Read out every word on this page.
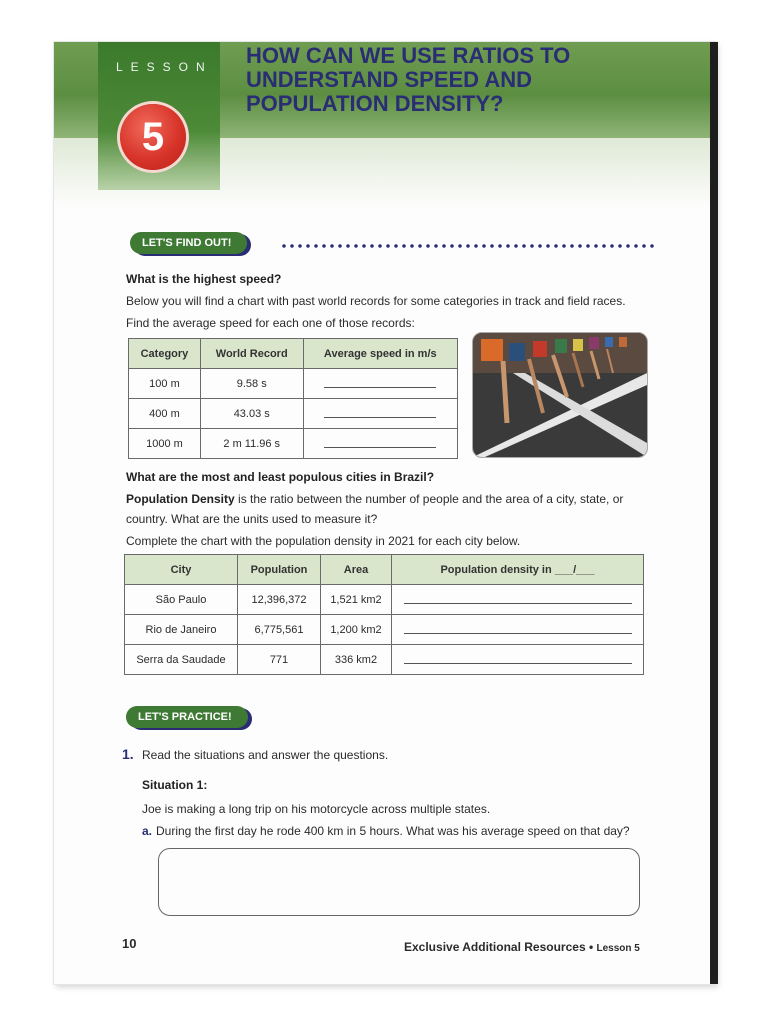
LESSON
5
HOW CAN WE USE RATIOS TO
UNDERSTAND SPEED AND
POPULATION DENSITY?
LET'S FIND OUT!
What is the highest speed?
Below you will find a chart with past world records for some categories in track and field races.
Find the average speed for each one of those records:
Category	World Record	Average speed in m/s
100 m	9.58 s	
400 m	43.03 s	
1000 m	2 m 11.96 s	
What are the most and least populous cities in Brazil?
Population Density is the ratio between the number of people and the area of a city, state, or
country. What are the units used to measure it?
Complete the chart with the population density in 2021 for each city below.
City	Population	Area	Population density in ___/___
São Paulo	12,396,372	1,521 km2	
Rio de Janeiro	6,775,561	1,200 km2	
Serra da Saudade	771	336 km2	
LET'S PRACTICE!
1. Read the situations and answer the questions.
Situation 1:
Joe is making a long trip on his motorcycle across multiple states.
a. During the first day he rode 400 km in 5 hours. What was his average speed on that day?
10	Exclusive Additional Resources • Lesson 5
